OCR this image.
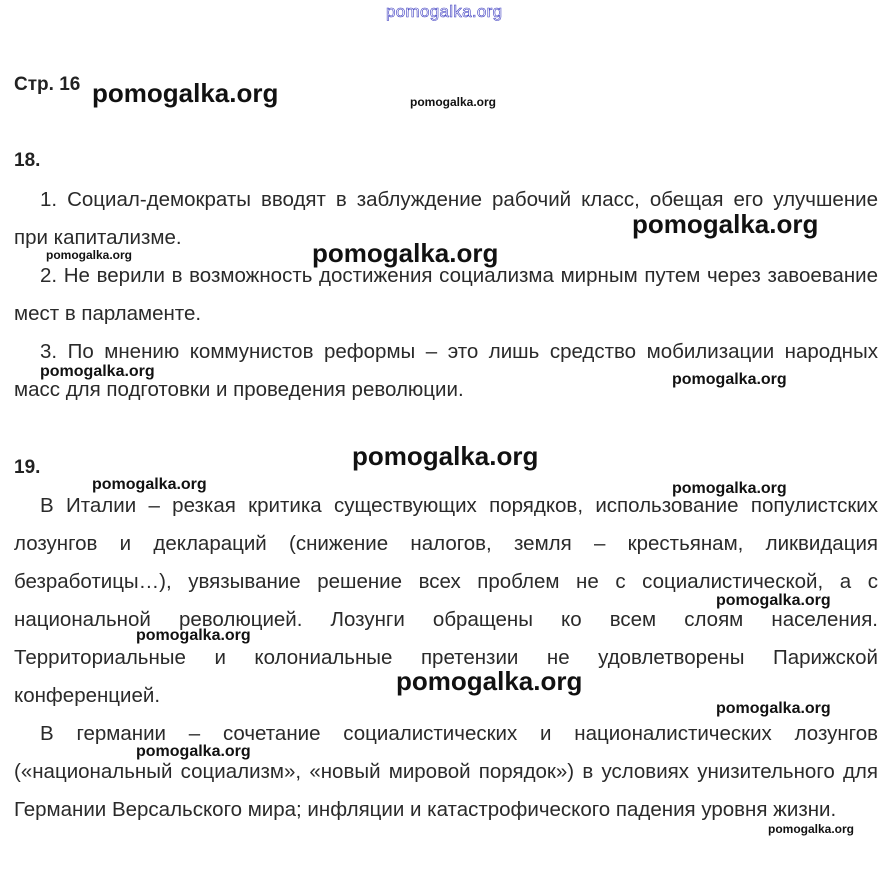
Стр. 16
18.

1. Социал-демократы вводят в заблуждение рабочий класс, обещая его улучшение при капитализме.

2. Не верили в возможность достижения социализма мирным путем через завоевание мест в парламенте.

3. По мнению коммунистов реформы – это лишь средство мобилизации народных масс для подготовки и проведения революции.

19.

В Италии – резкая критика существующих порядков, использование популистских лозунгов и деклараций (снижение налогов, земля – крестьянам, ликвидация безработицы…), увязывание решение всех проблем не с социалистической, а с национальной революцией. Лозунги обращены ко всем слоям населения. Территориальные и колониальные претензии не удовлетворены Парижской конференцией.

В германии – сочетание социалистических и националистических лозунгов («национальный социализм», «новый мировой порядок») в условиях унизительного для Германии Версальского мира; инфляции и катастрофического падения уровня жизни.

pomogalka.org
pomogalka.org	pomogalka.org
pomogalka.org
pomogalka.org
pomogalka.org
pomogalka.org	pomogalka.org
pomogalka.org
pomogalka.org	pomogalka.org
pomogalka.org
pomogalka.org
pomogalka.org
pomogalka.org
pomogalka.org
pomogalka.org
